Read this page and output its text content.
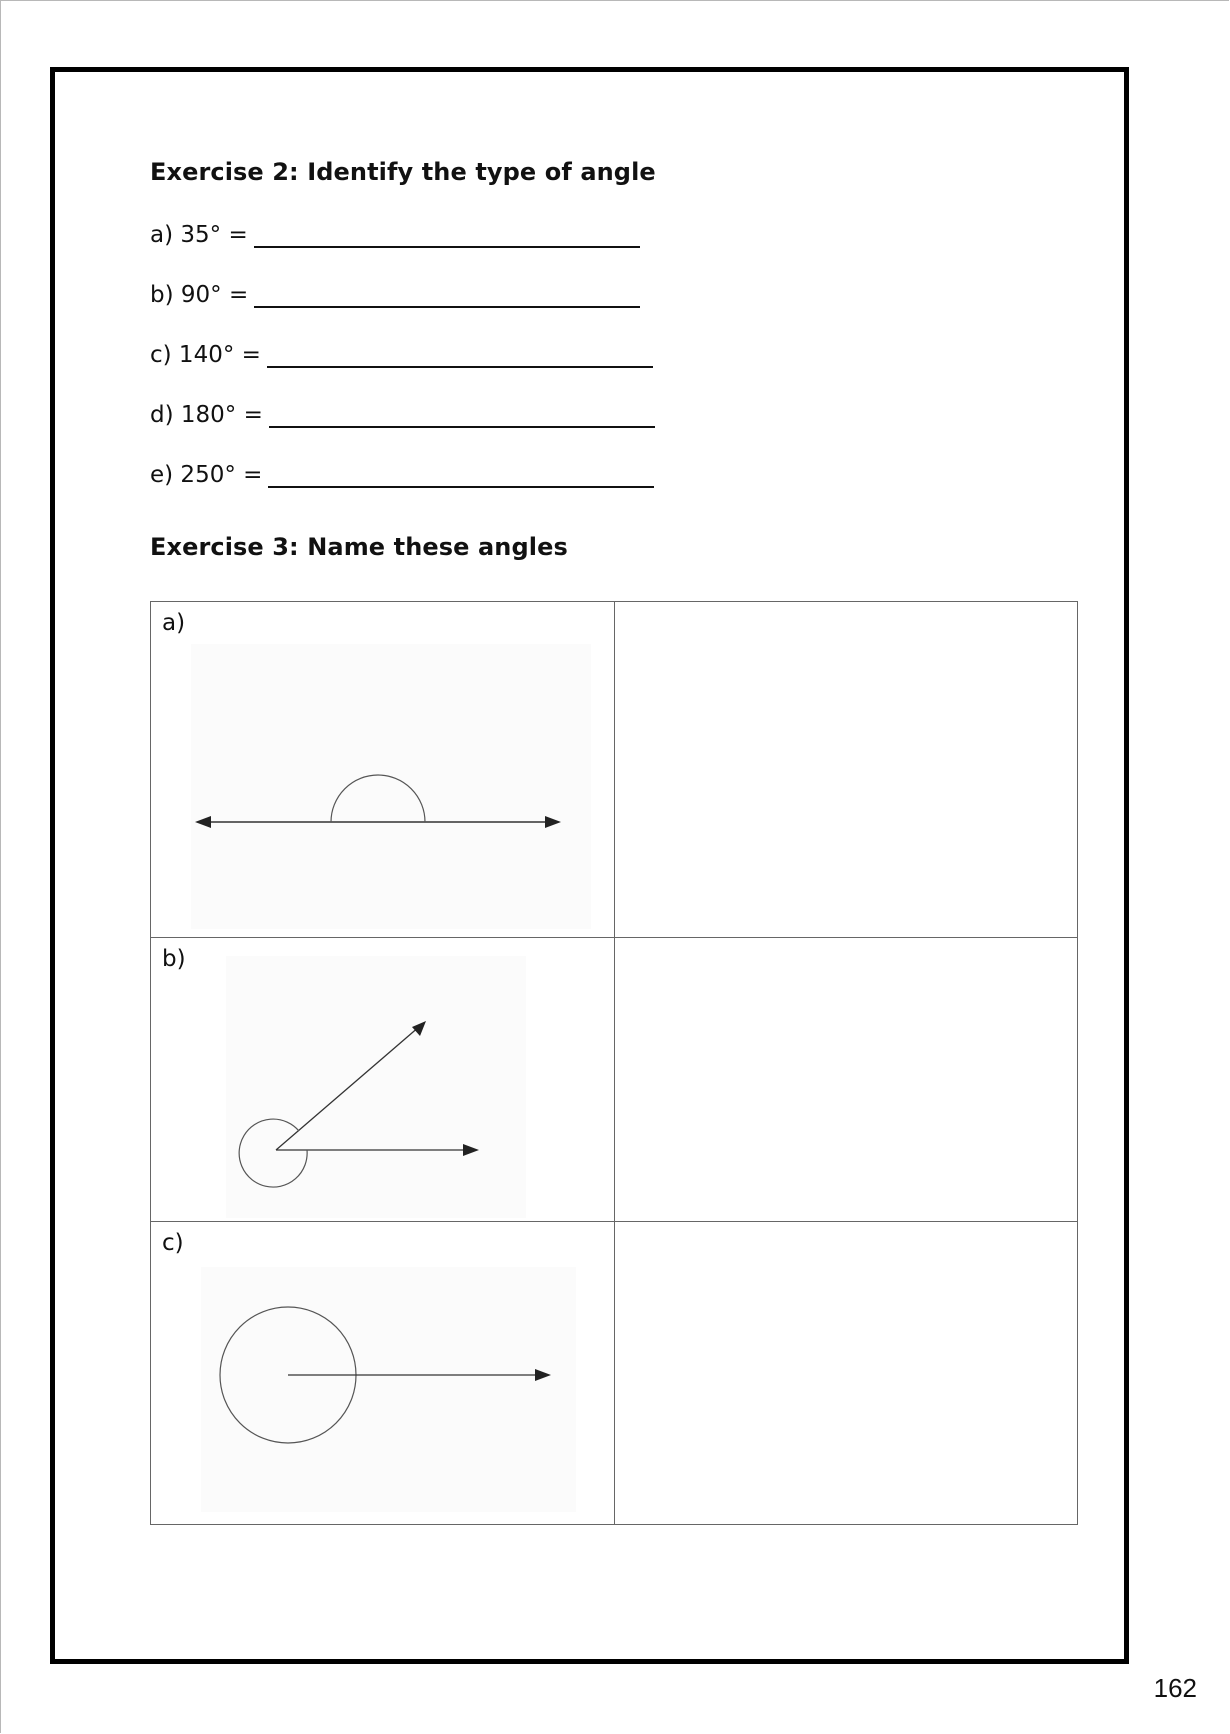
Exercise 2: Identify the type of angle
a) 35° =
b) 90° =
c) 140° =
d) 180° =
e) 250° =
Exercise 3: Name these angles
a)
b)
c)
162
